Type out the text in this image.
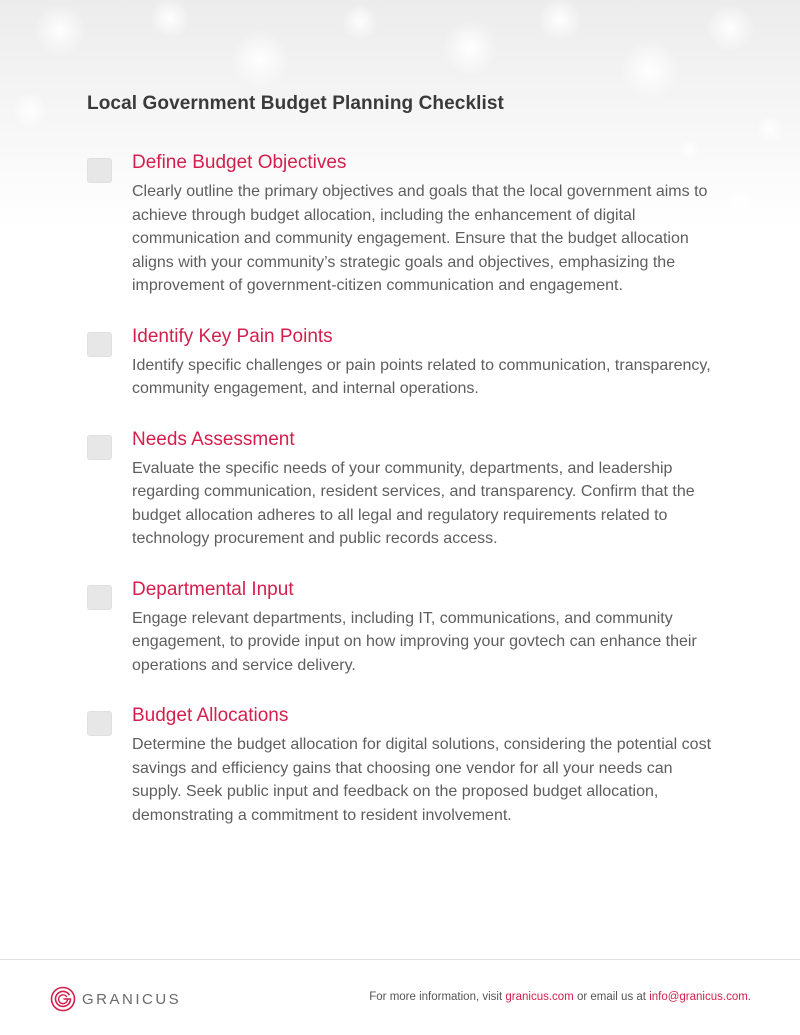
Local Government Budget Planning Checklist
Define Budget Objectives

Clearly outline the primary objectives and goals that the local government aims to achieve through budget allocation, including the enhancement of digital communication and community engagement. Ensure that the budget allocation aligns with your community’s strategic goals and objectives, emphasizing the improvement of government-citizen communication and engagement.

Identify Key Pain Points

Identify specific challenges or pain points related to communication, transparency, community engagement, and internal operations.

Needs Assessment

Evaluate the specific needs of your community, departments, and leadership regarding communication, resident services, and transparency. Confirm that the budget allocation adheres to all legal and regulatory requirements related to technology procurement and public records access.

Departmental Input

Engage relevant departments, including IT, communications, and community engagement, to provide input on how improving your govtech can enhance their operations and service delivery.

Budget Allocations

Determine the budget allocation for digital solutions, considering the potential cost savings and efficiency gains that choosing one vendor for all your needs can supply. Seek public input and feedback on the proposed budget allocation, demonstrating a commitment to resident involvement.

GRANICUS	For more information, visit granicus.com or email us at info@granicus.com.
